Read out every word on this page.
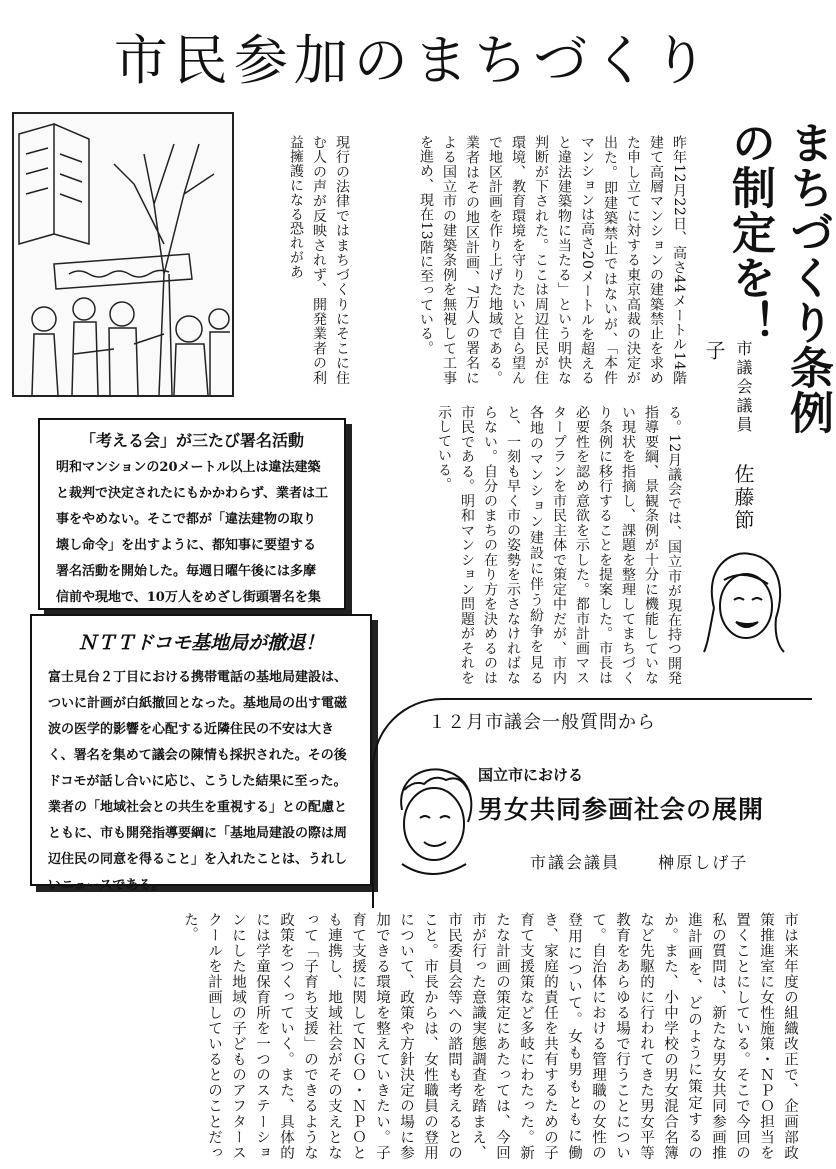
市民参加のまちづくり
まちづくり条例の制定を！
市議会議員  佐藤節子
昨年12月22日、高さ44メートル14階建て高層マンションの建築禁止を求めた申し立てに対する東京高裁の決定が出た。即建築禁止ではないが、「本件マンションは高さ20メートルを超えると違法建築物に当たる」という明快な判断が下された。ここは周辺住民が住環境、教育環境を守りたいと自ら望んで地区計画を作り上げた地域である。業者はその地区計画、7万人の署名による国立市の建築条例を無視して工事を進め、現在13階に至っている。
現行の法律ではまちづくりにそこに住む人の声が反映されず、開発業者の利益擁護になる恐れがあ
る。12月議会では、国立市が現在持つ開発指導要綱、景観条例が十分に機能していない現状を指摘し、課題を整理してまちづくり条例に移行することを提案した。市長は必要性を認め意欲を示した。都市計画マスタープランを市民主体で策定中だが、市内各地のマンション建設に伴う紛争を見ると、一刻も早く市の姿勢を示さなければならない。自分のまちの在り方を決めるのは市民である。明和マンション問題がそれを示している。
「考える会」が三たび署名活動
明和マンションの20メートル以上は違法建築と裁判で決定されたにもかかわらず、業者は工事をやめない。そこで都が「違法建物の取り壊し命令」を出すように、都知事に要望する署名活動を開始した。毎週日曜午後には多摩信前や現地で、10万人をめざし街頭署名を集
ＮＴＴドコモ基地局が撤退！
富士見台２丁目における携帯電話の基地局建設は、ついに計画が白紙撤回となった。基地局の出す電磁波の医学的影響を心配する近隣住民の不安は大きく、署名を集めて議会の陳情も採択された。その後ドコモが話し合いに応じ、こうした結果に至った。業者の「地域社会との共生を重視する」との配慮とともに、市も開発指導要綱に「基地局建設の際は周辺住民の同意を得ること」を入れたことは、うれしいニュースである。
１２月市議会一般質問から
国立市における
男女共同参画社会の展開
市議会議員 榊原しげ子
市は来年度の組織改正で、企画部政策推進室に女性施策・ＮＰＯ担当を置くことにしている。そこで今回の私の質問は、新たな男女共同参画推進計画を、どのように策定するのか。また、小中学校の男女混合名簿など先駆的に行われてきた男女平等教育をあらゆる場で行うことについて。自治体における管理職の女性の登用について。女も男もともに働き、家庭的責任を共有するための子育て支援策など多岐にわたった。新たな計画の策定にあたっては、今回市が行った意識実態調査を踏まえ、市民委員会等への諮問も考えるとのこと。市長からは、女性職員の登用について、政策や方針決定の場に参加できる環境を整えていきたい。子育て支援に関してＮＧＯ・ＮＰＯとも連携し、地域社会がその支えとなって「子育ち支援」のできるような政策をつくっていく。また、具体的には学童保育所を一つのステーションにした地域の子どものアフタースクールを計画しているとのことだった。
